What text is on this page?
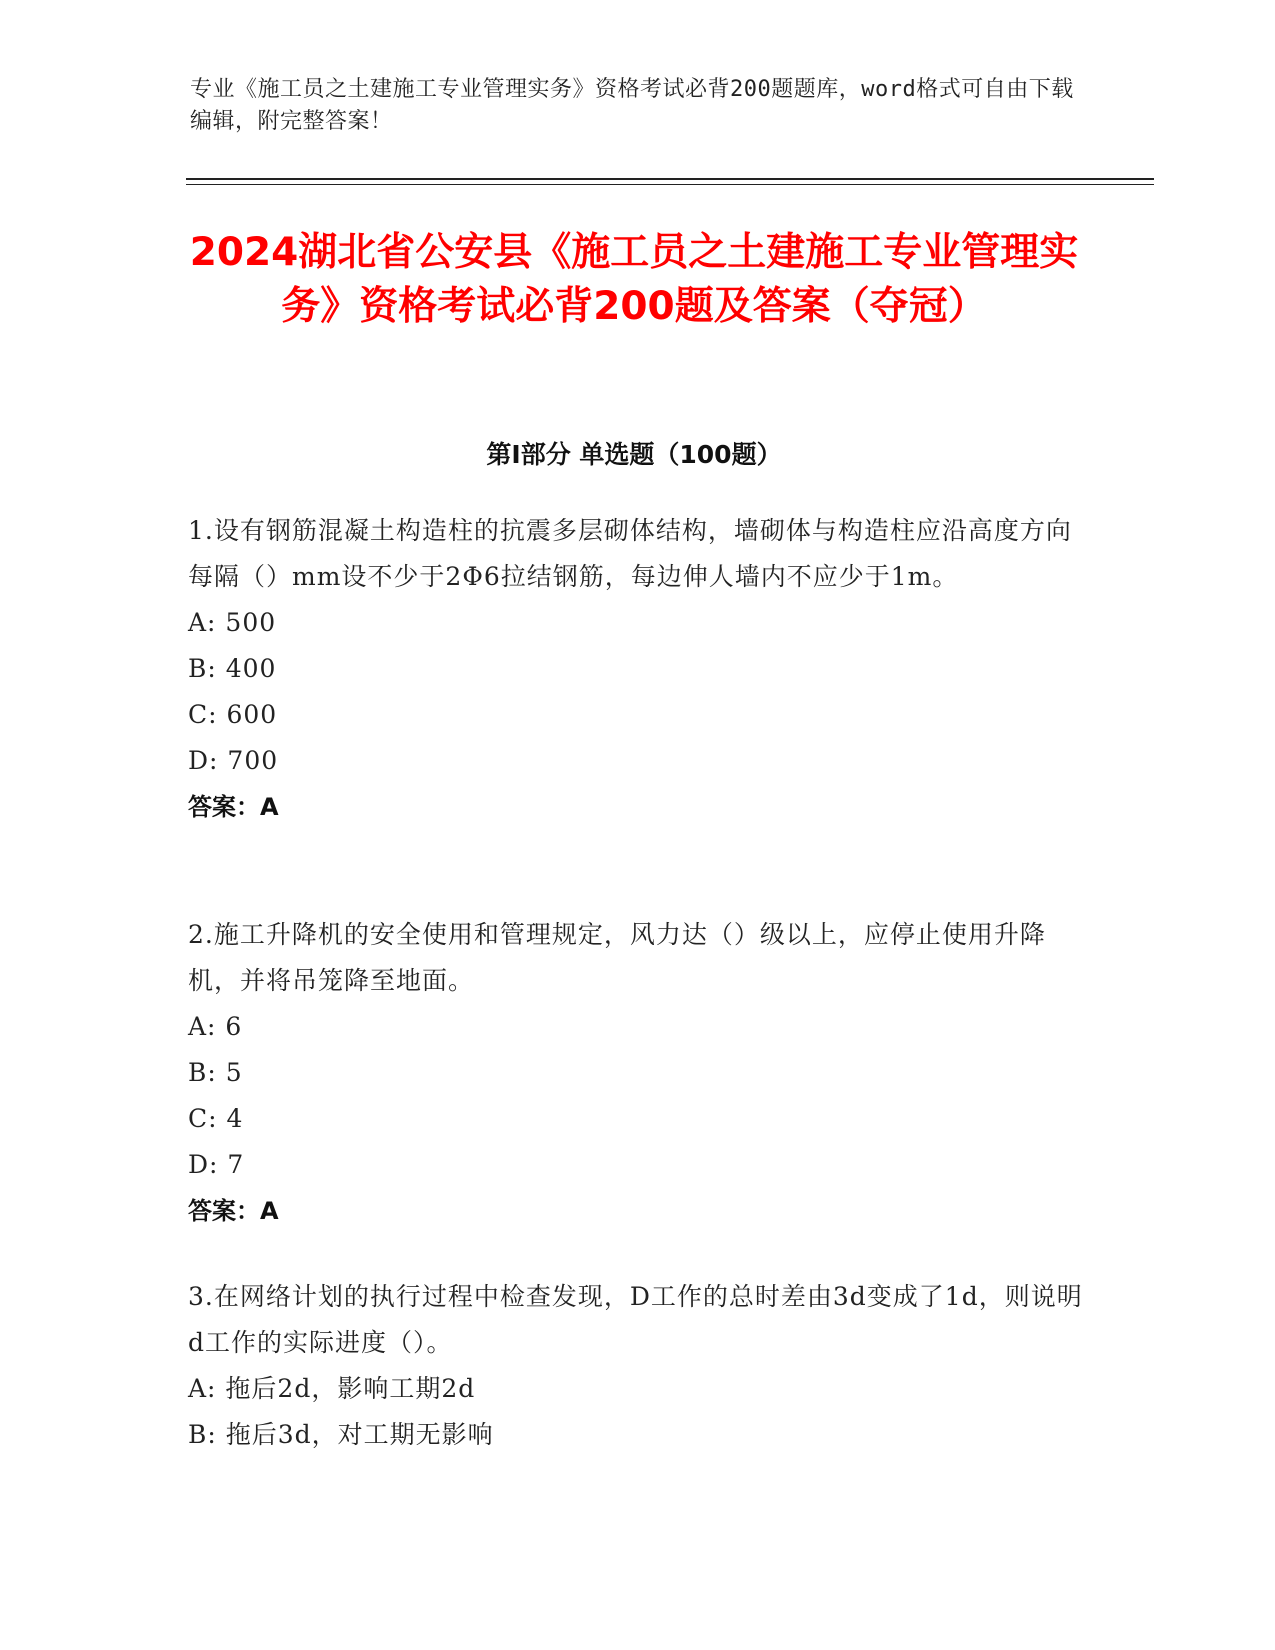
专业《施工员之土建施工专业管理实务》资格考试必背200题题库，word格式可自由下载编辑，附完整答案！
2024湖北省公安县《施工员之土建施工专业管理实务》资格考试必背200题及答案（夺冠）
第I部分 单选题（100题）
1.设有钢筋混凝土构造柱的抗震多层砌体结构，墙砌体与构造柱应沿高度方向每隔（）mm设不少于2Φ6拉结钢筋，每边伸人墙内不应少于1m。
A: 500
B: 400
C: 600
D: 700
答案：A
2.施工升降机的安全使用和管理规定，风力达（）级以上，应停止使用升降机，并将吊笼降至地面。
A: 6
B: 5
C: 4
D: 7
答案：A
3.在网络计划的执行过程中检查发现，D工作的总时差由3d变成了1d，则说明d工作的实际进度（）。
A: 拖后2d，影响工期2d
B: 拖后3d，对工期无影响
